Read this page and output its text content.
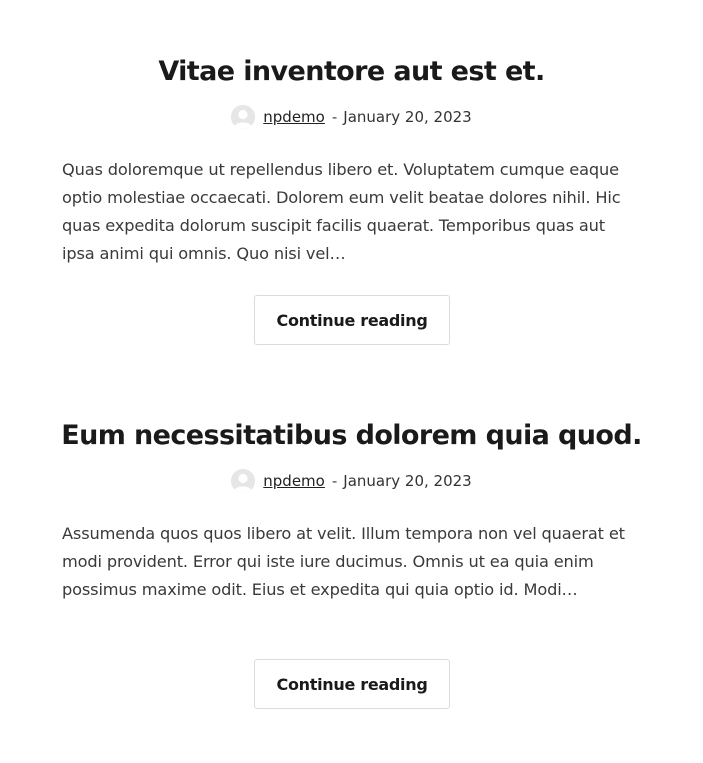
Vitae inventore aut est et.
npdemo - January 20, 2023

Quas doloremque ut repellendus libero et. Voluptatem cumque eaque optio molestiae occaecati. Dolorem eum velit beatae dolores nihil. Hic quas expedita dolorum suscipit facilis quaerat. Temporibus quas aut ipsa animi qui omnis. Quo nisi vel…

Continue reading
Eum necessitatibus dolorem quia quod.
npdemo - January 20, 2023

Assumenda quos quos libero at velit. Illum tempora non vel quaerat et modi provident. Error qui iste iure ducimus. Omnis ut ea quia enim possimus maxime odit. Eius et expedita qui quia optio id. Modi…

Continue reading
